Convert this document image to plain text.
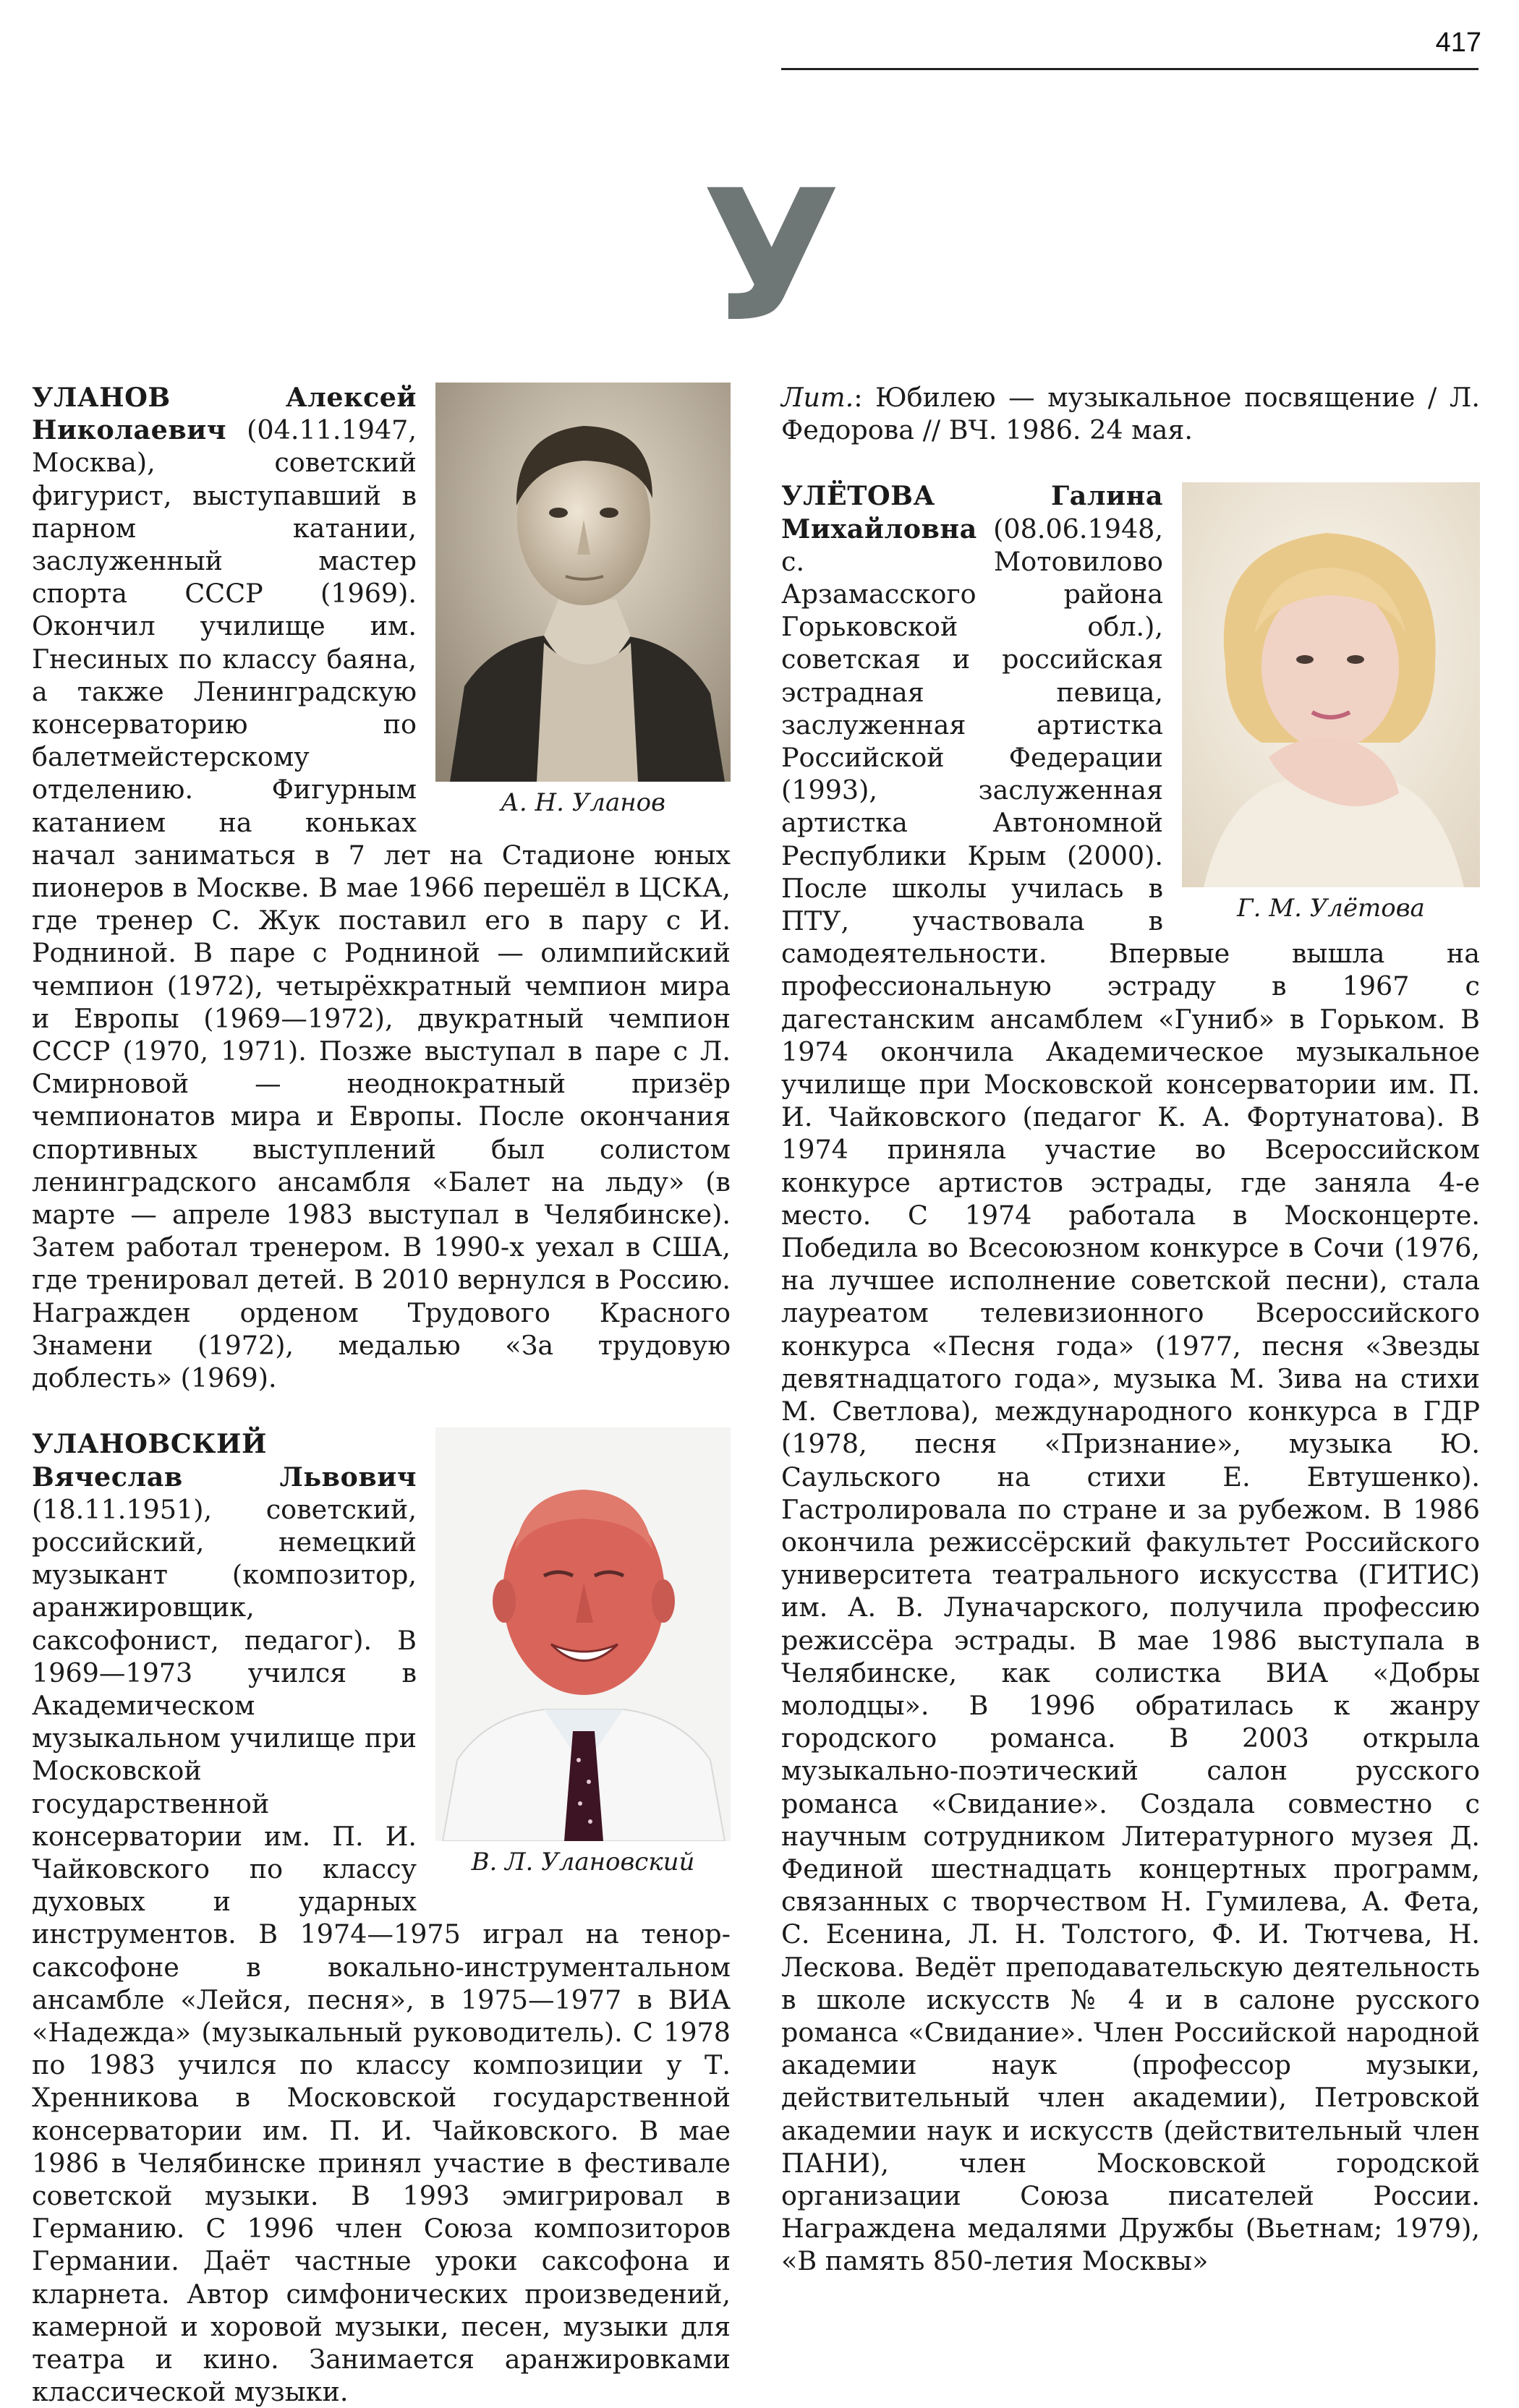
417
У
А. Н. Уланов

УЛАНОВ Алексей Николаевич (04.11.1947, Москва), советский фигурист, выступавший в парном катании, заслуженный мастер спорта СССР (1969). Окончил училище им. Гнесиных по классу баяна, а также Ленинградскую консерваторию по балетмейстерскому отделению. Фигурным катанием на коньках начал заниматься в 7 лет на Стадионе юных пионеров в Москве. В мае 1966 перешёл в ЦСКА, где тренер С. Жук поставил его в пару с И. Родниной. В паре с Родниной — олимпийский чемпион (1972), четырёхкратный чемпион мира и Европы (1969—1972), двукратный чемпион СССР (1970, 1971). Позже выступал в паре с Л. Смирновой — неоднократный призёр чемпионатов мира и Европы. После окончания спортивных выступлений был солистом ленинградского ансамбля «Балет на льду» (в марте — апреле 1983 выступал в Челябинске). Затем работал тренером. В 1990-х уехал в США, где тренировал детей. В 2010 вернулся в Россию. Награжден орденом Трудового Красного Знамени (1972), медалью «За трудовую доблесть» (1969).

В. Л. Улановский

УЛАНОВСКИЙ Вячеслав Львович (18.11.1951), советский, российский, немецкий музыкант (композитор, аранжировщик, саксофонист, педагог). В 1969—1973 учился в Академическом музыкальном училище при Московской государственной консерватории им. П. И. Чайковского по классу духовых и ударных инструментов. В 1974—1975 играл на тенор-саксофоне в вокально-инструментальном ансамбле «Лейся, песня», в 1975—1977 в ВИА «Надежда» (музыкальный руководитель). С 1978 по 1983 учился по классу композиции у Т. Хренникова в Московской государственной консерватории им. П. И. Чайковского. В мае 1986 в Челябинске принял участие в фестивале советской музыки. В 1993 эмигрировал в Германию. С 1996 член Союза композиторов Германии. Даёт частные уроки саксофона и кларнета. Автор симфонических произведений, камерной и хоровой музыки, песен, музыки для театра и кино. Занимается аранжировками классической музыки.

Лит.: Юбилею — музыкальное посвящение / Л. Федорова // ВЧ. 1986. 24 мая.

Г. М. Улётова

УЛЁТОВА Галина Михайловна (08.06.1948, с. Мотовилово Арзамасского района Горьковской обл.), советская и российская эстрадная певица, заслуженная артистка Российской Федерации (1993), заслуженная артистка Автономной Республики Крым (2000). После школы училась в ПТУ, участвовала в самодеятельности. Впервые вышла на профессиональную эстраду в 1967 с дагестанским ансамблем «Гуниб» в Горьком. В 1974 окончила Академическое музыкальное училище при Московской консерватории им. П. И. Чайковского (педагог К. А. Фортунатова). В 1974 приняла участие во Всероссийском конкурсе артистов эстрады, где заняла 4-е место. С 1974 работала в Москонцерте. Победила во Всесоюзном конкурсе в Сочи (1976, на лучшее исполнение советской песни), стала лауреатом телевизионного Всероссийского конкурса «Песня года» (1977, песня «Звезды девятнадцатого года», музыка М. Зива на стихи М. Светлова), международного конкурса в ГДР (1978, песня «Признание», музыка Ю. Саульского на стихи Е. Евтушенко). Гастролировала по стране и за рубежом. В 1986 окончила режиссёрский факультет Российского университета театрального искусства (ГИТИС) им. А. В. Луначарского, получила профессию режиссёра эстрады. В мае 1986 выступала в Челябинске, как солистка ВИА «Добры молодцы». В 1996 обратилась к жанру городского романса. В 2003 открыла музыкально-поэтический салон русского романса «Свидание». Создала совместно с научным сотрудником Литературного музея Д. Фединой шестнадцать концертных программ, связанных с творчеством Н. Гумилева, А. Фета, С. Есенина, Л. Н. Толстого, Ф. И. Тютчева, Н. Лескова. Ведёт преподавательскую деятельность в школе искусств № 4 и в салоне русского романса «Свидание». Член Российской народной академии наук (профессор музыки, действительный член академии), Петровской академии наук и искусств (действительный член ПАНИ), член Московской городской организации Союза писателей России. Награждена медалями Дружбы (Вьетнам; 1979), «В память 850-летия Москвы»
